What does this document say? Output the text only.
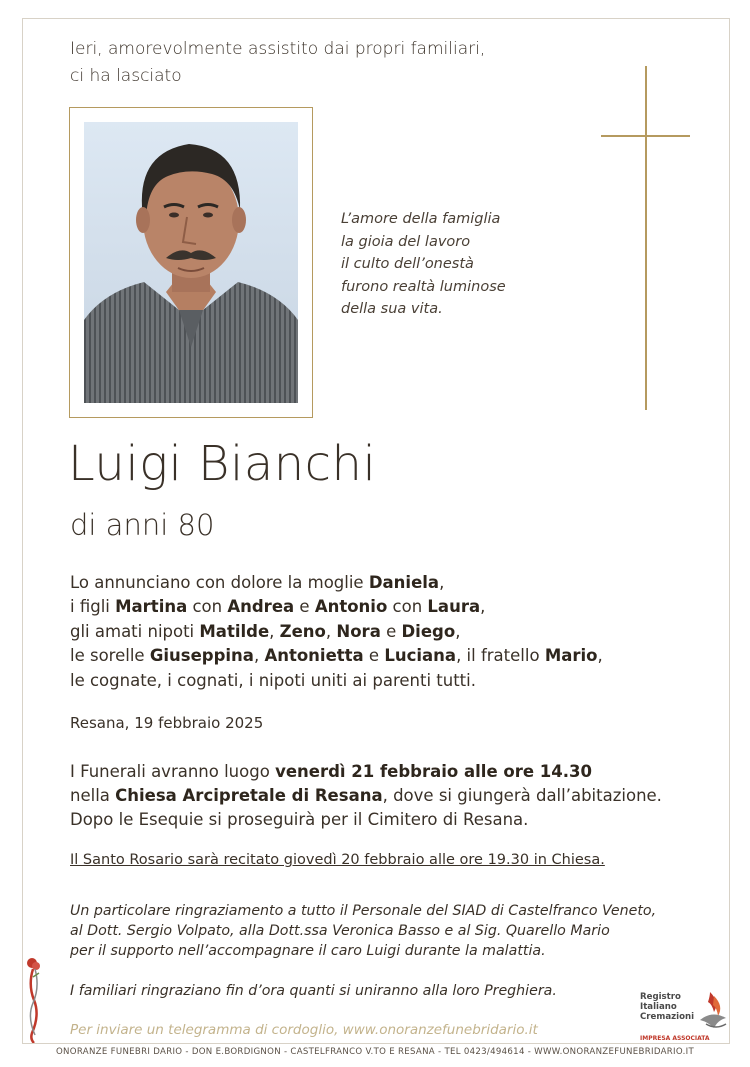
Ieri, amorevolmente assistito dai propri familiari,
ci ha lasciato
L’amore della famiglia
la gioia del lavoro
il culto dell’onestà
furono realtà luminose
della sua vita.
Luigi Bianchi
di anni 80
Lo annunciano con dolore la moglie Daniela,
i figli Martina con Andrea e Antonio con Laura,
gli amati nipoti Matilde, Zeno, Nora e Diego,
le sorelle Giuseppina, Antonietta e Luciana, il fratello Mario,
le cognate, i cognati, i nipoti uniti ai parenti tutti.
Resana, 19 febbraio 2025
I Funerali avranno luogo venerdì 21 febbraio alle ore 14.30
nella Chiesa Arcipretale di Resana, dove si giungerà dall’abitazione.
Dopo le Esequie si proseguirà per il Cimitero di Resana.
Il Santo Rosario sarà recitato giovedì 20 febbraio alle ore 19.30 in Chiesa.
Un particolare ringraziamento a tutto il Personale del SIAD di Castelfranco Veneto,
al Dott. Sergio Volpato, alla Dott.ssa Veronica Basso e al Sig. Quarello Mario
per il supporto nell’accompagnare il caro Luigi durante la malattia.
I familiari ringraziano fin d’ora quanti si uniranno alla loro Preghiera.
Per inviare un telegramma di cordoglio, www.onoranzefunebridario.it
Registro
Italiano
Cremazioni
IMPRESA ASSOCIATA
ONORANZE FUNEBRI DARIO - DON E.BORDIGNON - CASTELFRANCO V.TO E RESANA - TEL 0423/494614 - WWW.ONORANZEFUNEBRIDARIO.IT
